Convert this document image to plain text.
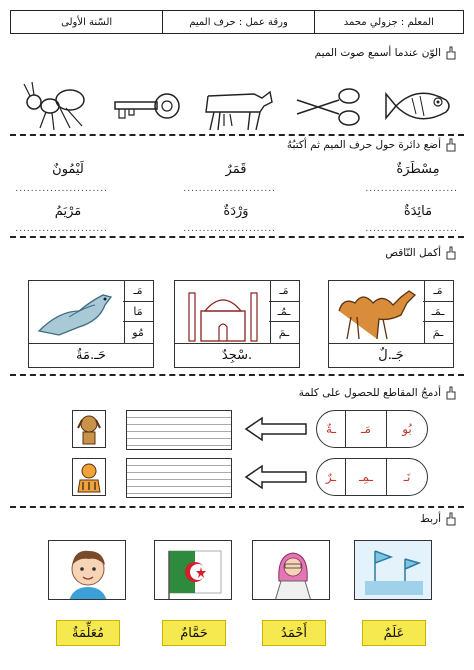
المعلم : جزولي محمد
ورقة عمل : حرف الميم
السّنة الأولى
الوّن عندما أسمع صوت الميم
أضع دائرة حول حرف الميم ثم أكتبُهُ
مِسْطَرَةٌ
قَمَرٌ
لَيْمُونٌ
........................
........................
........................
مَائِدَةٌ
وَرْدَةٌ
مَرْيَمُ
........................
........................
........................
أكمل النّاقص
مَـ
ـمَـ
ـمَ
جَـ.لٌ
مَـ
ـمُـ
ـمَ
.سْجِدٌ
مَـ
مَا
مُو
حَـ.مَةٌ
أدمجُ المقاطع للحصول على كلمة
ـةٌ	مَـ	بُو
ـرٌ	ـمِـ	نَـ
أربط
عَلَمٌ
أَحْمَدُ
حَمَّامٌ
مُعَلِّمَةٌ
